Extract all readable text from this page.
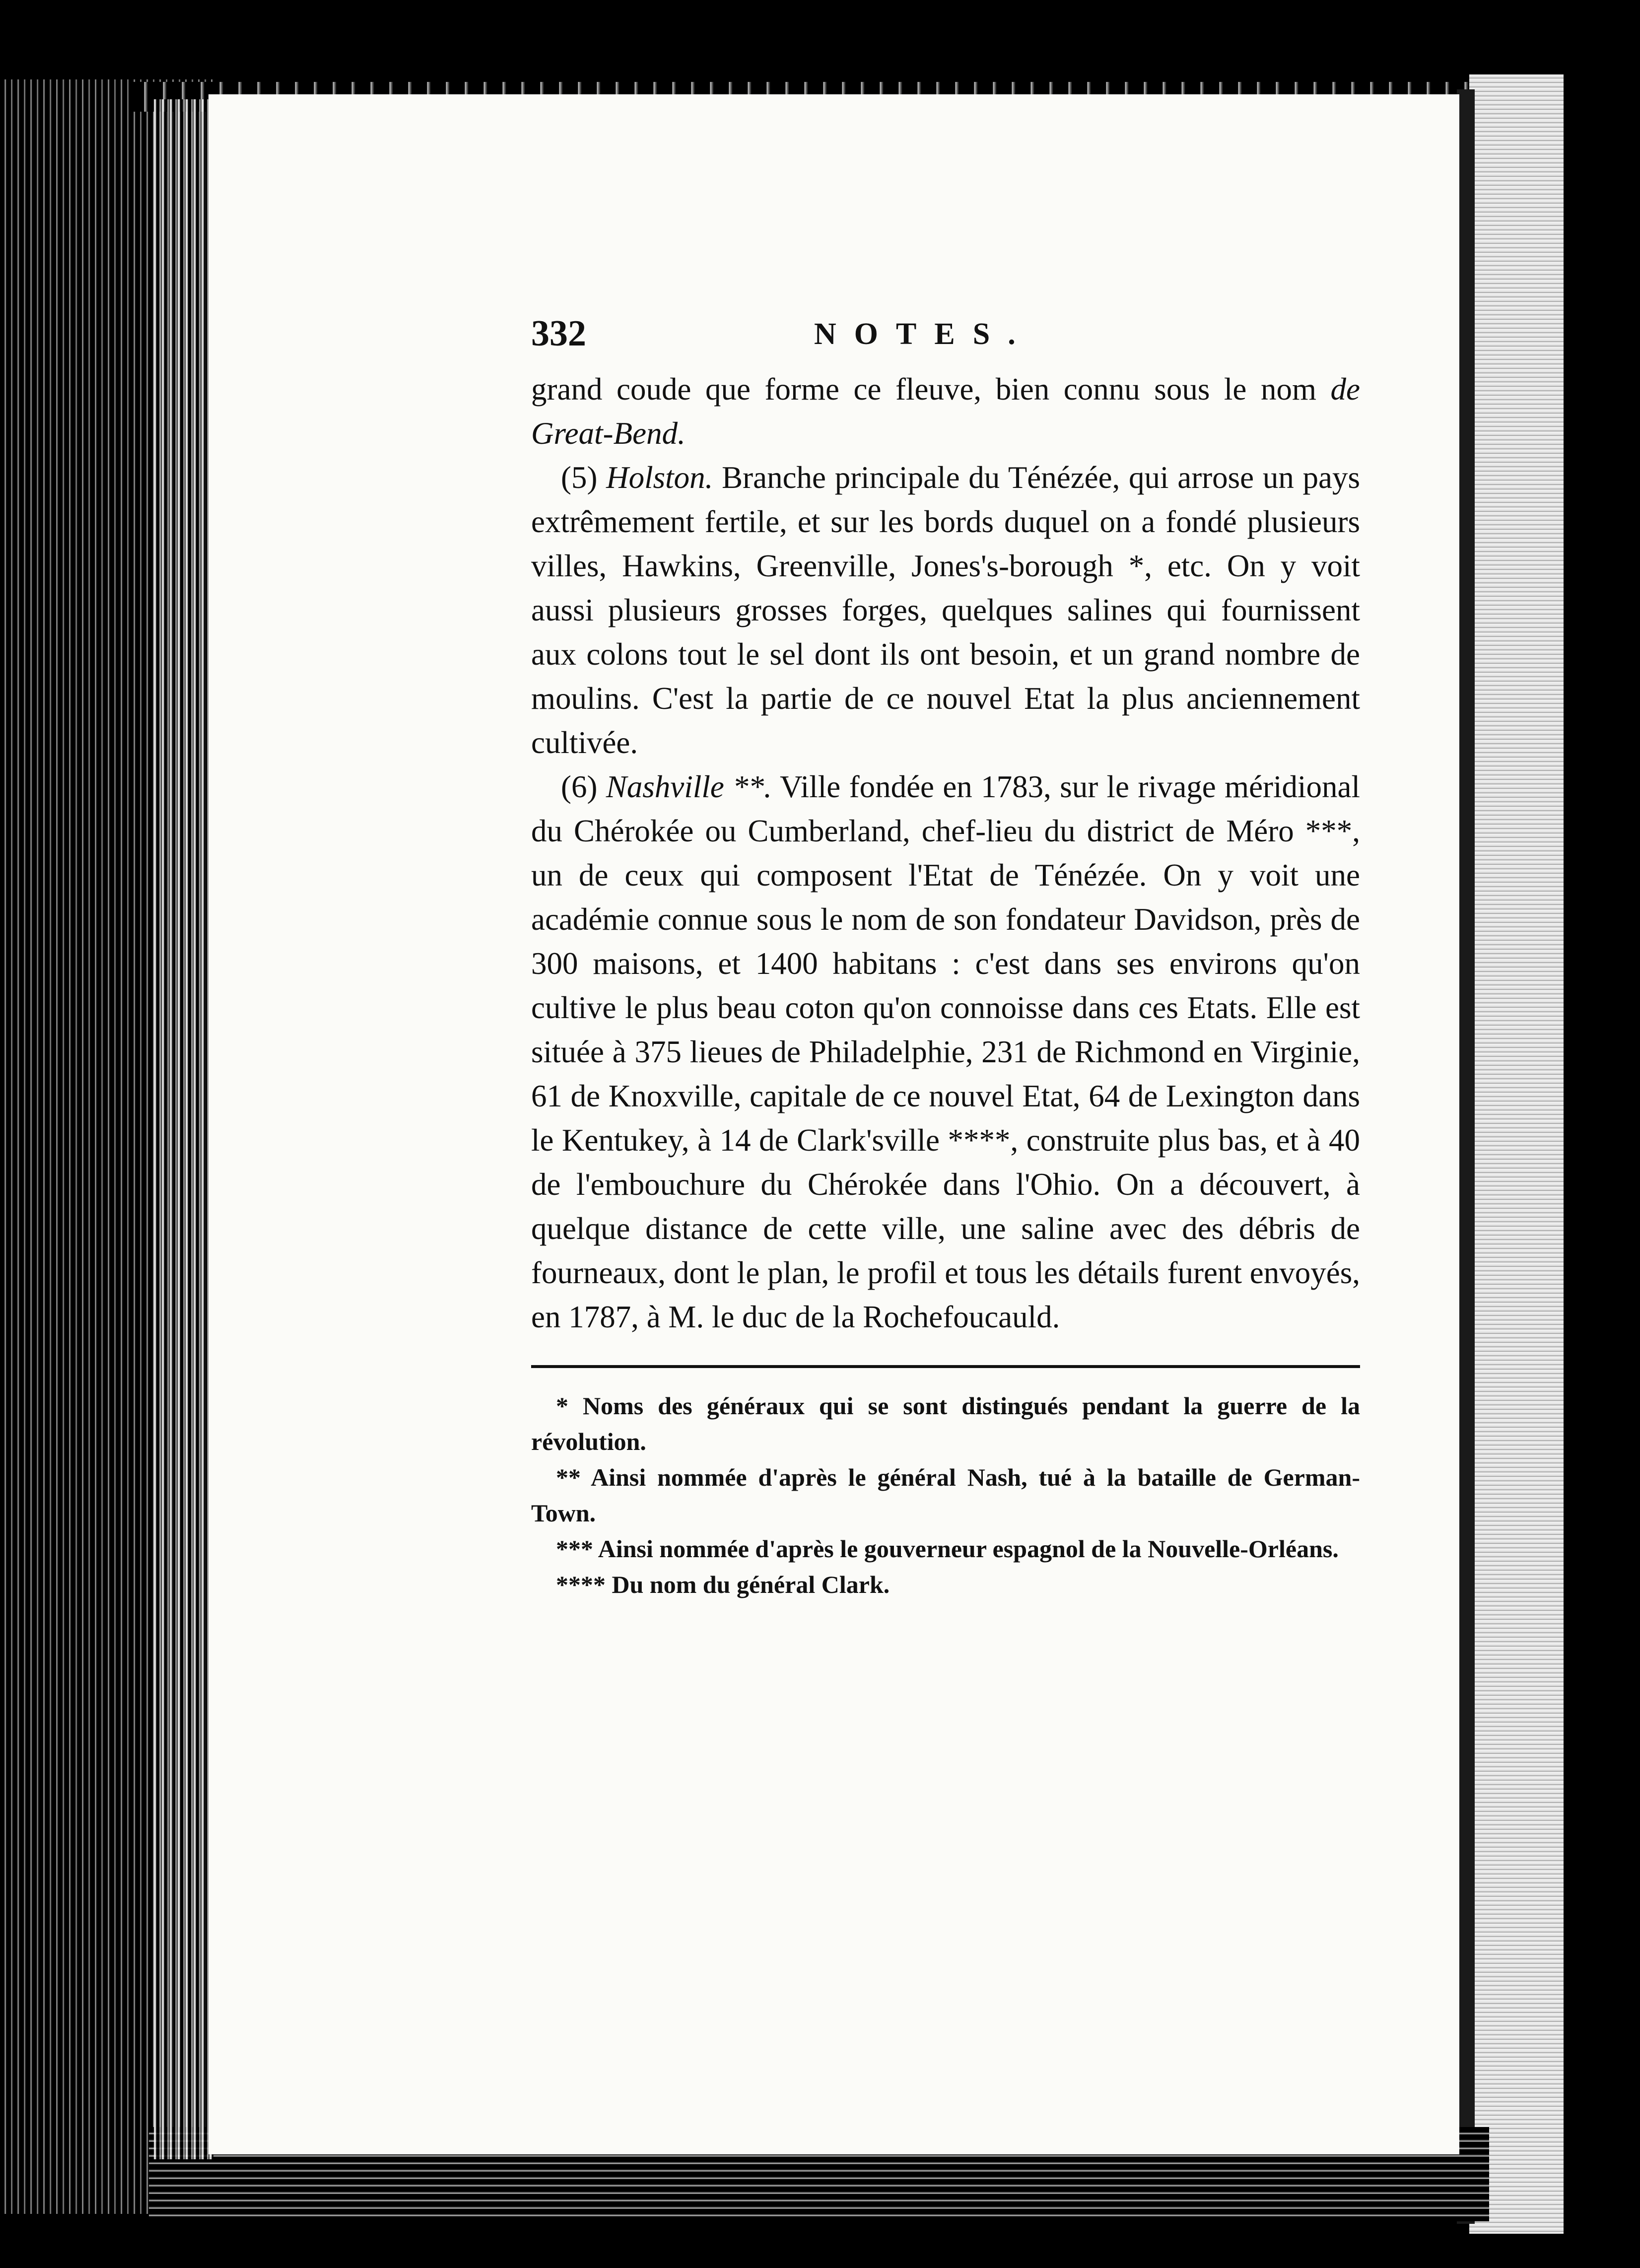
332	NOTES.

grand coude que forme ce fleuve, bien connu sous le nom de Great-Bend.

(5) Holston. Branche principale du Ténézée, qui arrose un pays extrêmement fertile, et sur les bords duquel on a fondé plusieurs villes, Hawkins, Greenville, Jones's-borough *, etc. On y voit aussi plusieurs grosses forges, quelques salines qui fournissent aux colons tout le sel dont ils ont besoin, et un grand nombre de moulins. C'est la partie de ce nouvel Etat la plus anciennement cultivée.

(6) Nashville **. Ville fondée en 1783, sur le rivage méridional du Chérokée ou Cumberland, chef-lieu du district de Méro ***, un de ceux qui composent l'Etat de Ténézée. On y voit une académie connue sous le nom de son fondateur Davidson, près de 300 maisons, et 1400 habitans : c'est dans ses environs qu'on cultive le plus beau coton qu'on connoisse dans ces Etats. Elle est située à 375 lieues de Philadelphie, 231 de Richmond en Virginie, 61 de Knoxville, capitale de ce nouvel Etat, 64 de Lexington dans le Kentukey, à 14 de Clark'sville ****, construite plus bas, et à 40 de l'embouchure du Chérokée dans l'Ohio. On a découvert, à quelque distance de cette ville, une saline avec des débris de fourneaux, dont le plan, le profil et tous les détails furent envoyés, en 1787, à M. le duc de la Rochefoucauld.

* Noms des généraux qui se sont distingués pendant la guerre de la révolution.

** Ainsi nommée d'après le général Nash, tué à la bataille de German-Town.

*** Ainsi nommée d'après le gouverneur espagnol de la Nouvelle-Orléans.

**** Du nom du général Clark.
